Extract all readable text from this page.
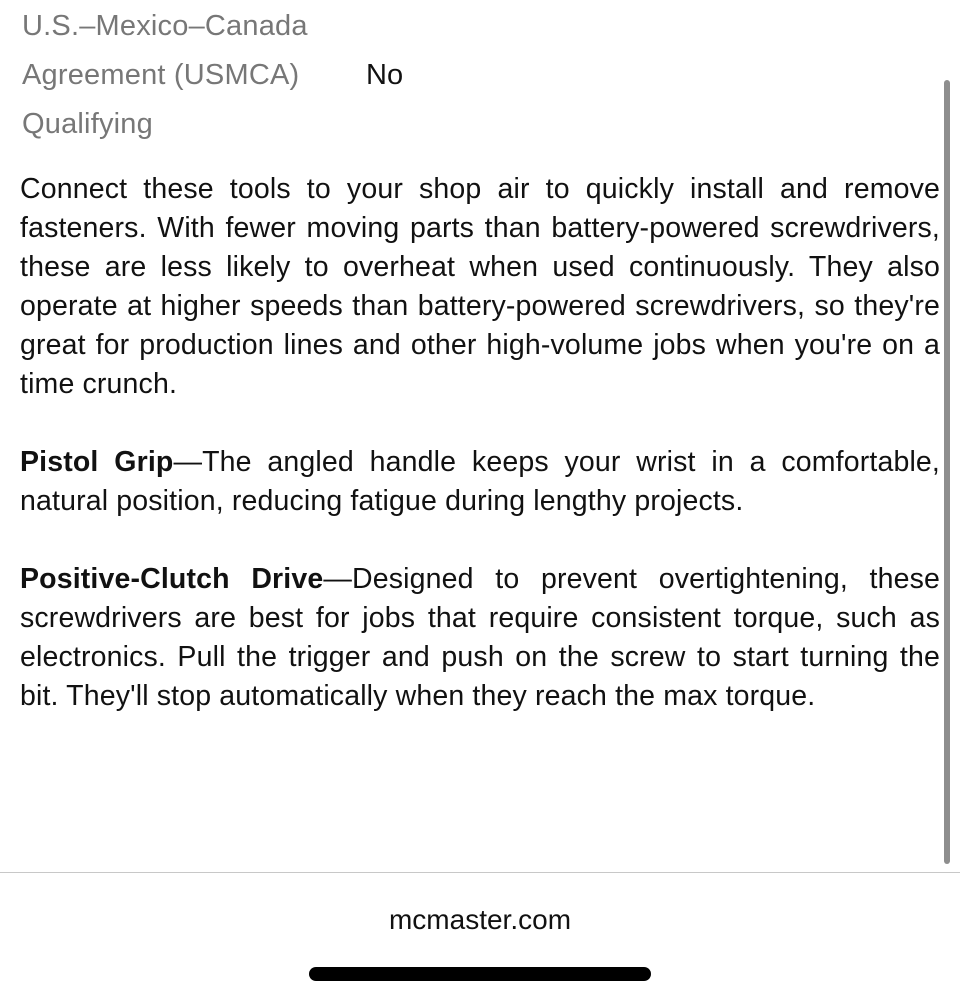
U.S.–Mexico–Canada Agreement (USMCA) Qualifying
No

Connect these tools to your shop air to quickly install and remove fasteners. With fewer moving parts than battery-powered screwdrivers, these are less likely to overheat when used continuously. They also operate at higher speeds than battery-powered screwdrivers, so they're great for production lines and other high-volume jobs when you're on a time crunch.

Pistol Grip—The angled handle keeps your wrist in a comfortable, natural position, reducing fatigue during lengthy projects.

Positive-Clutch Drive—Designed to prevent overtightening, these screwdrivers are best for jobs that require consistent torque, such as electronics. Pull the trigger and push on the screw to start turning the bit. They'll stop automatically when they reach the max torque.

mcmaster.com
